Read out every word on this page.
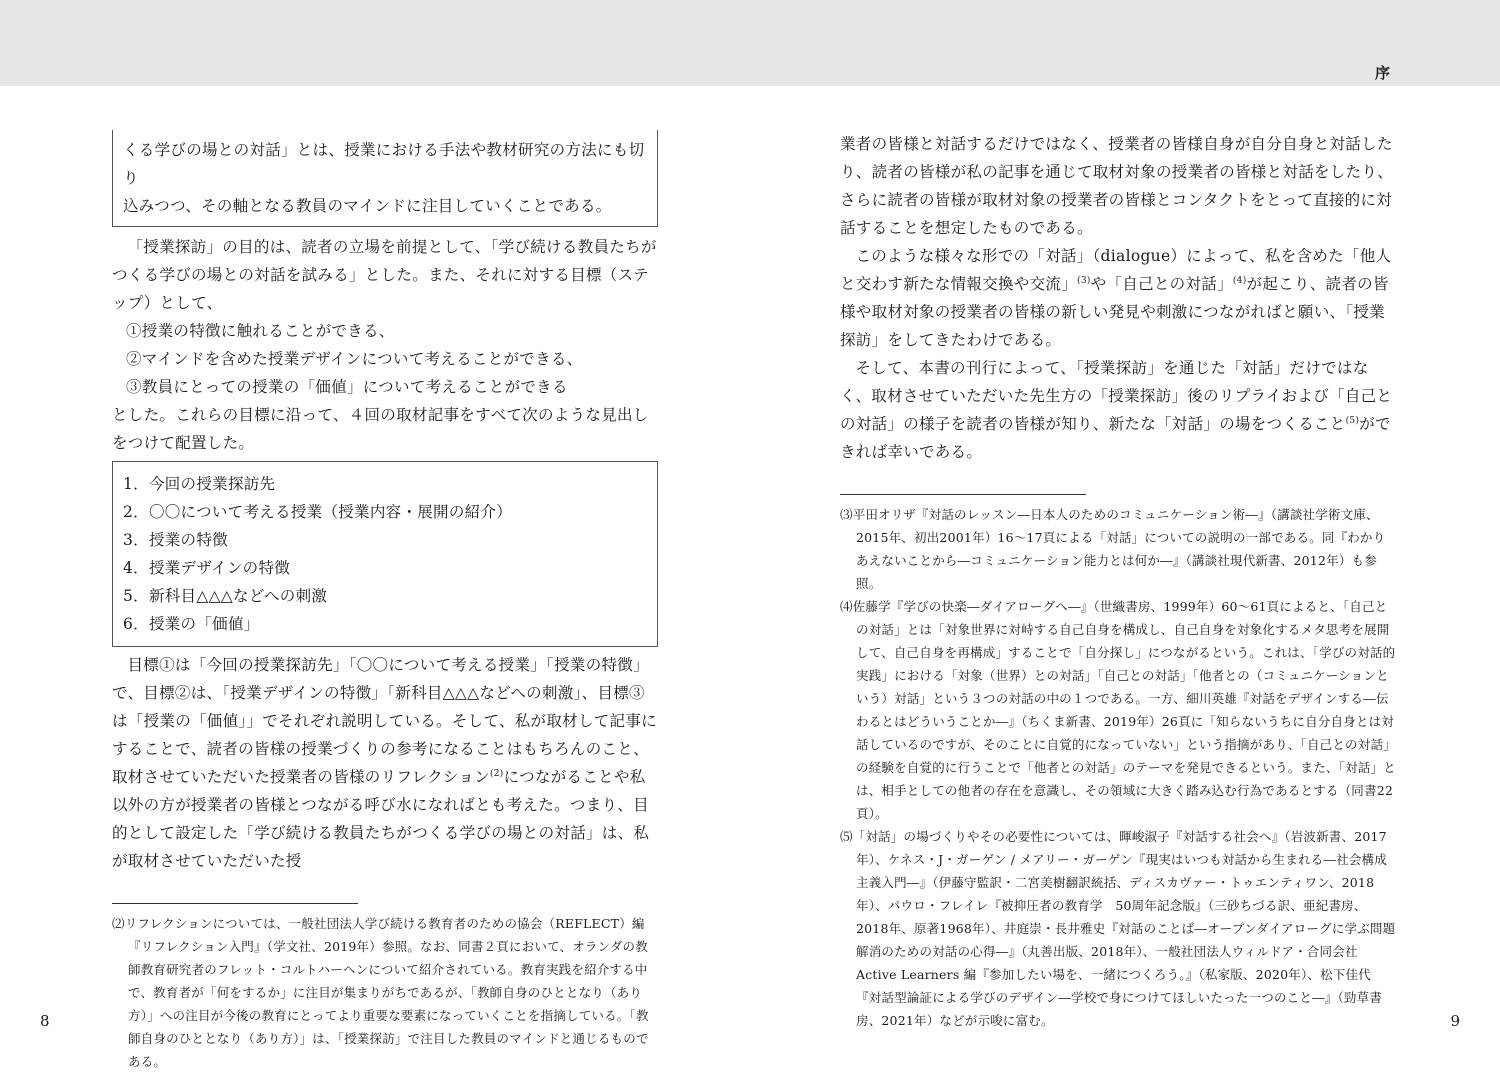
序

くる学びの場との対話」とは、授業における手法や教材研究の方法にも切り

込みつつ、その軸となる教員のマインドに注目していくことである。

「授業探訪」の目的は、読者の立場を前提として、「学び続ける教員たちがつくる学びの場との対話を試みる」とした。また、それに対する目標（ステップ）として、

①授業の特徴に触れることができる、

②マインドを含めた授業デザインについて考えることができる、

③教員にとっての授業の「価値」について考えることができる

とした。これらの目標に沿って、４回の取材記事をすべて次のような見出しをつけて配置した。

1．今回の授業探訪先

2．〇〇について考える授業（授業内容・展開の紹介）

3．授業の特徴

4．授業デザインの特徴

5．新科目△△△などへの刺激

6．授業の「価値」

目標①は「今回の授業探訪先」「〇〇について考える授業」「授業の特徴」で、目標②は、「授業デザインの特徴」「新科目△△△などへの刺激」、目標③は「授業の「価値」」でそれぞれ説明している。そして、私が取材して記事にすることで、読者の皆様の授業づくりの参考になることはもちろんのこと、取材させていただいた授業者の皆様のリフレクション$^{(2)}$につながることや私以外の方が授業者の皆様とつながる呼び水になればとも考えた。つまり、目的として設定した「学び続ける教員たちがつくる学びの場との対話」は、私が取材させていただいた授

⑵リフレクションについては、一般社団法人学び続ける教育者のための協会（REFLECT）編『リフレクション入門』（学文社、2019年）参照。なお、同書２頁において、オランダの教師教育研究者のフレット・コルトハーヘンについて紹介されている。教育実践を紹介する中で、教育者が「何をするか」に注目が集まりがちであるが、「教師自身のひととなり（あり方）」への注目が今後の教育にとってより重要な要素になっていくことを指摘している。「教師自身のひととなり（あり方）」は、「授業探訪」で注目した教員のマインドと通じるものである。

8

業者の皆様と対話するだけではなく、授業者の皆様自身が自分自身と対話したり、読者の皆様が私の記事を通じて取材対象の授業者の皆様と対話をしたり、さらに読者の皆様が取材対象の授業者の皆様とコンタクトをとって直接的に対話することを想定したものである。

このような様々な形での「対話」（dialogue）によって、私を含めた「他人と交わす新たな情報交換や交流」$^{(3)}$や「自己との対話」$^{(4)}$が起こり、読者の皆様や取材対象の授業者の皆様の新しい発見や刺激につながればと願い、「授業探訪」をしてきたわけである。

そして、本書の刊行によって、「授業探訪」を通じた「対話」だけではなく、取材させていただいた先生方の「授業探訪」後のリプライおよび「自己との対話」の様子を読者の皆様が知り、新たな「対話」の場をつくること$^{(5)}$ができれば幸いである。

⑶平田オリザ『対話のレッスン―日本人のためのコミュニケーション術―』（講談社学術文庫、2015年、初出2001年）16〜17頁による「対話」についての説明の一部である。同『わかりあえないことから―コミュニケーション能力とは何か―』（講談社現代新書、2012年）も参照。

⑷佐藤学『学びの快楽―ダイアローグへ―』（世織書房、1999年）60〜61頁によると、「自己との対話」とは「対象世界に対峙する自己自身を構成し、自己自身を対象化するメタ思考を展開して、自己自身を再構成」することで「自分探し」につながるという。これは、「学びの対話的実践」における「対象（世界）との対話」「自己との対話」「他者との（コミュニケーションという）対話」という３つの対話の中の１つである。一方、細川英雄『対話をデザインする―伝わるとはどういうことか―』（ちくま新書、2019年）26頁に「知らないうちに自分自身とは対話しているのですが、そのことに自覚的になっていない」という指摘があり、「自己との対話」の経験を自覚的に行うことで「他者との対話」のテーマを発見できるという。また、「対話」とは、相手としての他者の存在を意識し、その領域に大きく踏み込む行為であるとする（同書22頁）。

⑸「対話」の場づくりやその必要性については、暉峻淑子『対話する社会へ』（岩波新書、2017年）、ケネス・J・ガーゲン / メアリー・ガーゲン『現実はいつも対話から生まれる―社会構成主義入門―』（伊藤守監訳・二宮美樹翻訳統括、ディスカヴァー・トゥエンティワン、2018年）、パウロ・フレイレ『被抑圧者の教育学　50周年記念版』（三砂ちづる訳、亜紀書房、2018年、原著1968年）、井庭崇・長井雅史『対話のことば―オープンダイアローグに学ぶ問題解消のための対話の心得―』（丸善出版、2018年）、一般社団法人ウィルドア・合同会社 Active Learners 編『参加したい場を、一緒につくろう。』（私家版、2020年）、松下佳代『対話型論証による学びのデザイン―学校で身につけてほしいたった一つのこと―』（勁草書房、2021年）などが示唆に富む。	9
